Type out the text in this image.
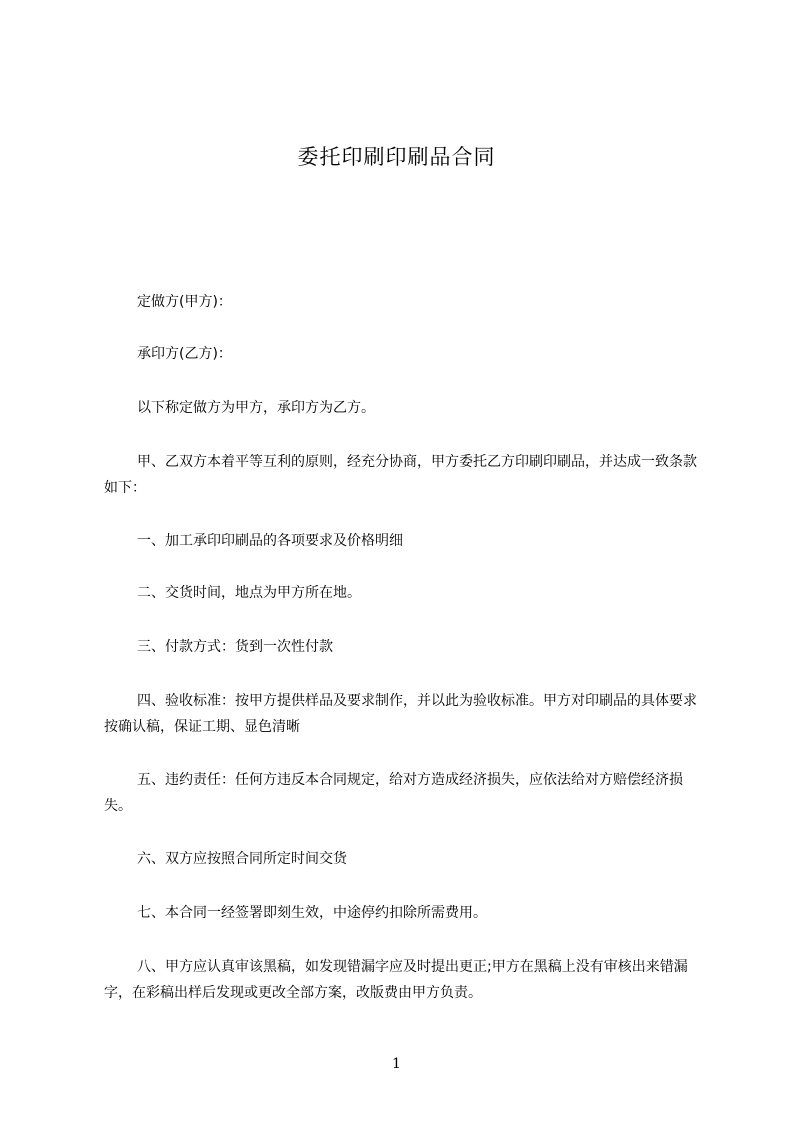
委托印刷印刷品合同

定做方(甲方)：

承印方(乙方)：

以下称定做方为甲方，承印方为乙方。

甲、乙双方本着平等互利的原则，经充分协商，甲方委托乙方印刷印刷品，并达成一致条款如下：

一、加工承印印刷品的各项要求及价格明细

二、交货时间，地点为甲方所在地。

三、付款方式：货到一次性付款

四、验收标准：按甲方提供样品及要求制作，并以此为验收标准。甲方对印刷品的具体要求按确认稿，保证工期、显色清晰

五、违约责任：任何方违反本合同规定，给对方造成经济损失，应依法给对方赔偿经济损失。

六、双方应按照合同所定时间交货

七、本合同一经签署即刻生效，中途停约扣除所需费用。

八、甲方应认真审该黑稿，如发现错漏字应及时提出更正;甲方在黑稿上没有审核出来错漏字，在彩稿出样后发现或更改全部方案，改版费由甲方负责。

1
